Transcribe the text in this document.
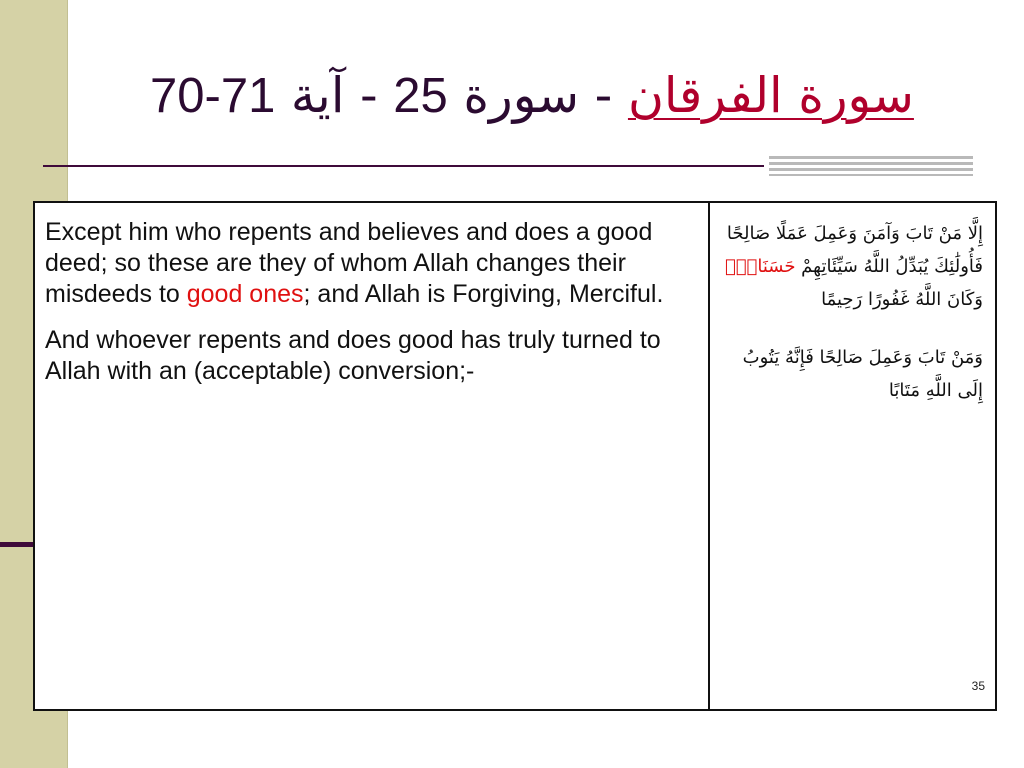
سورة الفرقان - سورة 25 - آية 70-71

Except him who repents and believes and does a good deed; so these are they of whom Allah changes their misdeeds to good ones; and Allah is Forgiving, Merciful.

And whoever repents and does good has truly turned to Allah with an (acceptable) conversion;-

إِلَّا مَنْ تَابَ وَآمَنَ وَعَمِلَ عَمَلًا صَالِحًا فَأُولَٰئِكَ يُبَدِّلُ اللَّهُ سَيِّئَاتِهِمْ حَسَنَاتٍ وَكَانَ اللَّهُ غَفُورًا رَحِيمًا

وَمَنْ تَابَ وَعَمِلَ صَالِحًا فَإِنَّهُ يَتُوبُ إِلَى اللَّهِ مَتَابًا

35
